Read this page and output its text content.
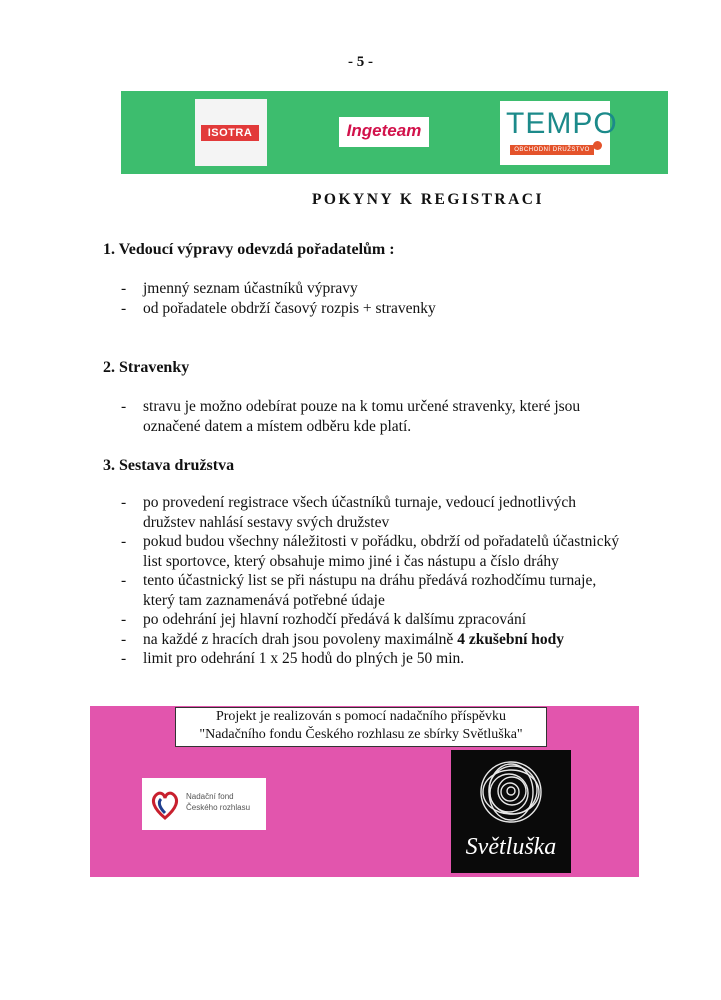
- 5 -
ISOTRA	Ingeteam	TEMPO
OBCHODNÍ DRUŽSTVO
POKYNY K REGISTRACI
1. Vedoucí výpravy odevzdá pořadatelům :
- jmenný seznam účastníků výpravy
- od pořadatele obdrží časový rozpis + stravenky
2. Stravenky
- stravu je možno odebírat pouze na k tomu určené stravenky, které jsou označené datem a místem odběru kde platí.
3. Sestava družstva
- po provedení registrace všech účastníků turnaje, vedoucí jednotlivých družstev nahlásí sestavy svých družstev
- pokud budou všechny náležitosti v pořádku, obdrží od pořadatelů účastnický list sportovce, který obsahuje mimo jiné i čas nástupu a číslo dráhy
- tento účastnický list se při nástupu na dráhu předává rozhodčímu turnaje, který tam zaznamenává potřebné údaje
- po odehrání jej hlavní rozhodčí předává k dalšímu zpracování
- na každé z hracích drah jsou povoleny maximálně 4 zkušební hody
- limit pro odehrání 1 x 25 hodů do plných je 50 min.
Projekt je realizován s pomocí nadačního příspěvku
"Nadačního fondu Českého rozhlasu ze sbírky Světluška"
Nadační fond
Českého rozhlasu
Světluška
